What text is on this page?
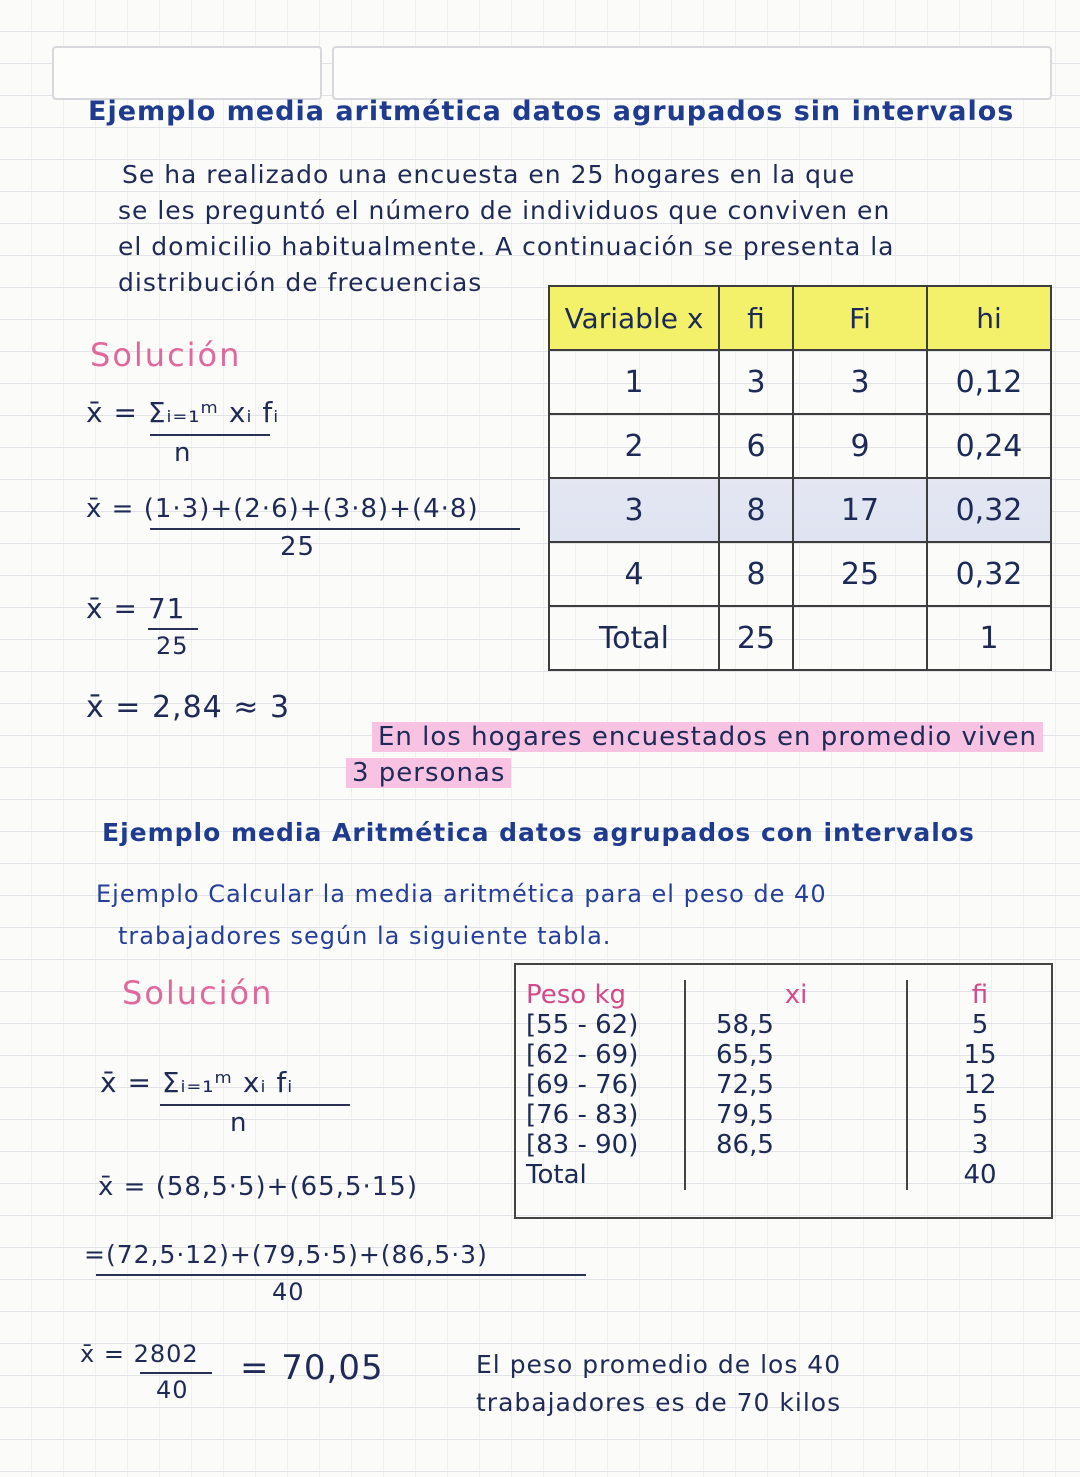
Ejemplo media aritmética datos agrupados sin intervalos
Se ha realizado una encuesta en 25 hogares en la que
se les preguntó el número de individuos que conviven en
el domicilio habitualmente. A continuación se presenta la
distribución de frecuencias
Solución
x̄ = Σᵢ₌₁ᵐ xᵢ fᵢ
n
x̄ = (1·3)+(2·6)+(3·8)+(4·8)
25
x̄ = 71
25
x̄ = 2,84 ≈ 3
Variable x	fi	Fi	hi
1	3	3	0,12
2	6	9	0,24
3	8	17	0,32
4	8	25	0,32
Total	25		1
En los hogares encuestados en promedio viven
3 personas
Ejemplo media Aritmética datos agrupados con intervalos
Ejemplo Calcular la media aritmética para el peso de 40
trabajadores según la siguiente tabla.
Solución
x̄ = Σᵢ₌₁ᵐ xᵢ fᵢ
n
x̄ = (58,5·5)+(65,5·15)
=(72,5·12)+(79,5·5)+(86,5·3)
40
x̄ = 2802
40
= 70,05
Peso kg	xi	fi
[55 - 62)	58,5	5
[62 - 69)	65,5	15
[69 - 76)	72,5	12
[76 - 83)	79,5	5
[83 - 90)	86,5	3
Total		40
El peso promedio de los 40
trabajadores es de 70 kilos
